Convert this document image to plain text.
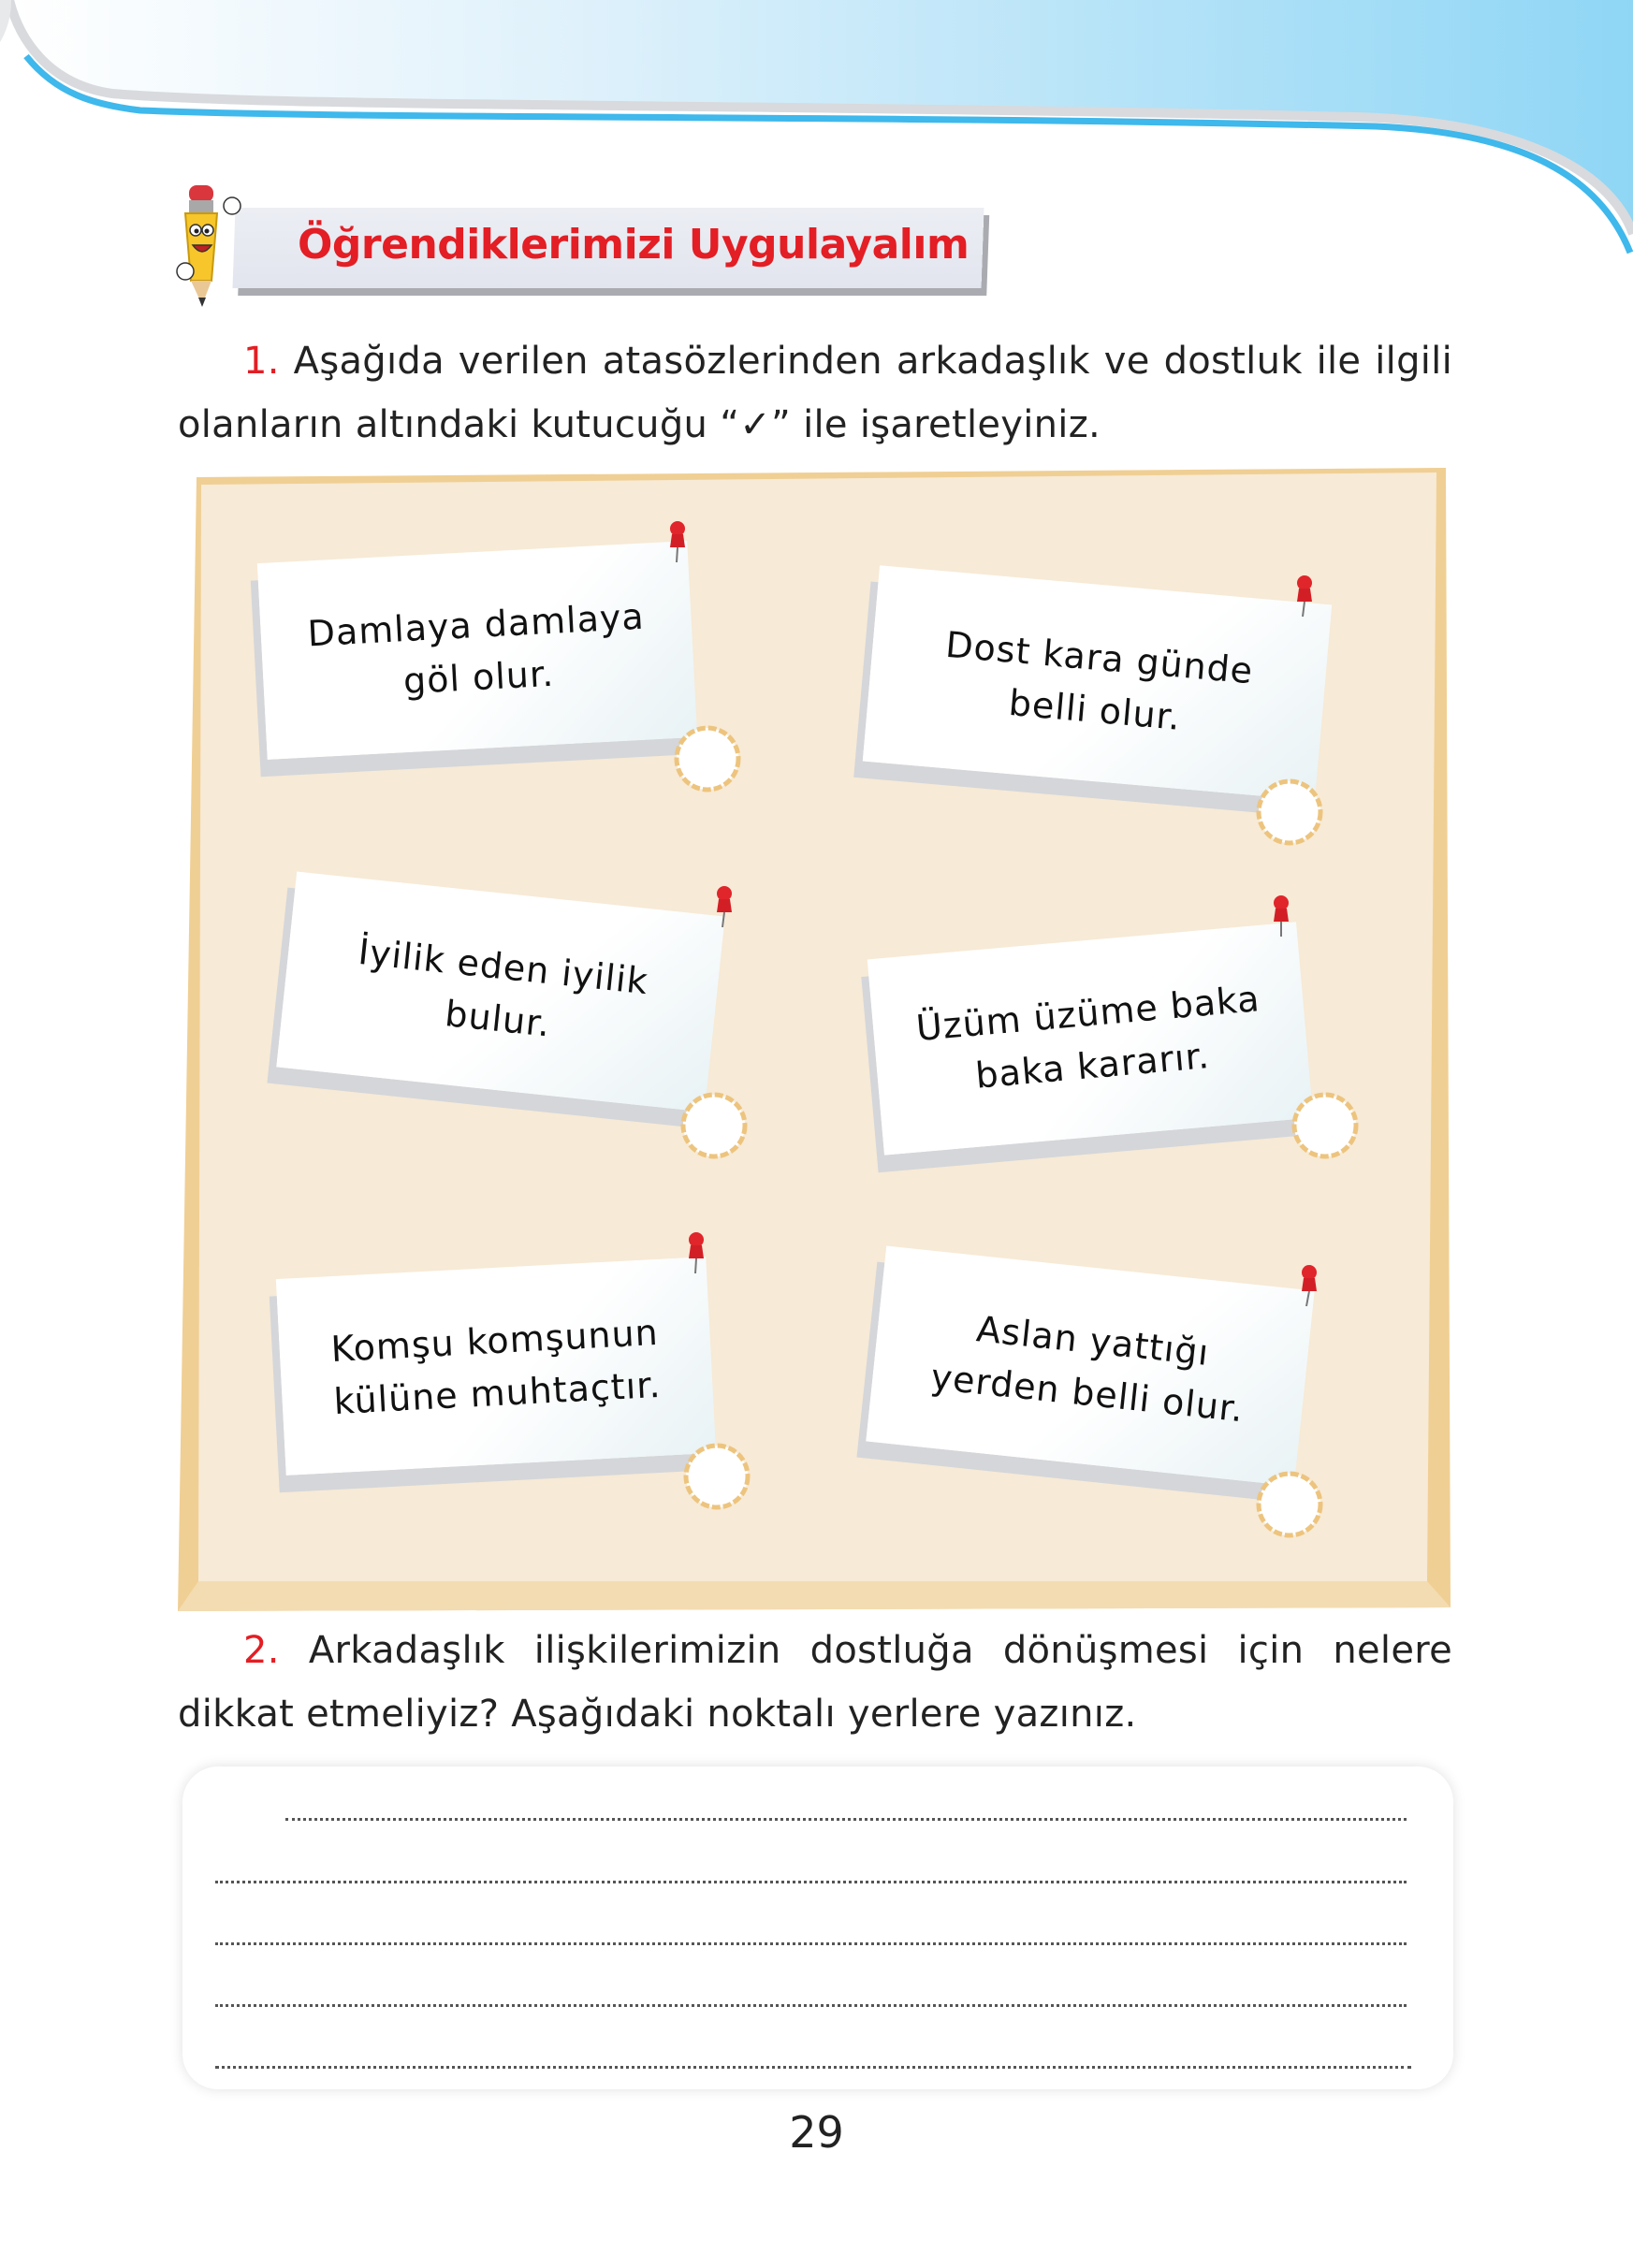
Öğrendiklerimizi Uygulayalım
1. Aşağıda verilen atasözlerinden arkadaşlık ve dostluk ile ilgili olanların altındaki kutucuğu “✓” ile işaretleyiniz.
Damlaya damlaya
göl olur.	Dost kara günde
belli olur.
İyilik eden iyilik
bulur.	Üzüm üzüme baka
baka kararır.
Komşu komşunun
külüne muhtaçtır.
Aslan yattığı
yerden belli olur.
2. Arkadaşlık ilişkilerimizin dostluğa dönüşmesi için nelere dikkat etmeliyiz? Aşağıdaki noktalı yerlere yazınız.
29
